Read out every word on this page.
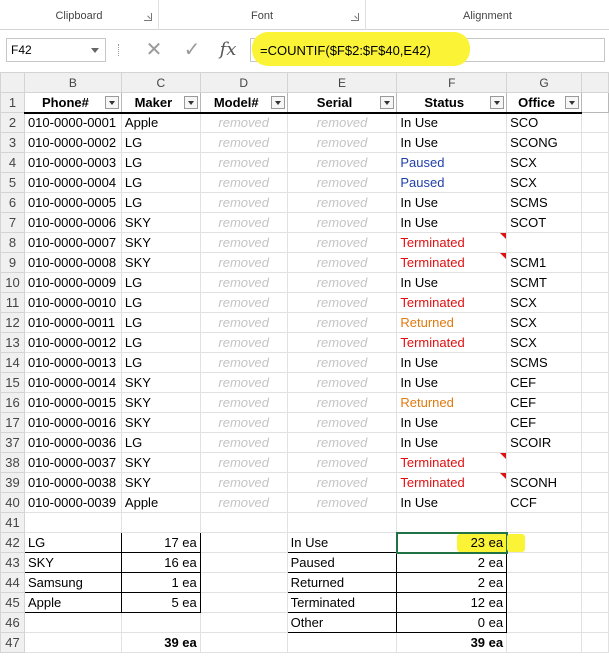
Clipboard	Font	Alignment
F42	✕ ✓	fx	=COUNTIF($F$2:$F$40,E42)
	B	C	D	E	F	G	
1	Phone#	Maker	Model#	Serial	Status	Office

2	010-0000-0001	Apple	removed	removed	In Use	SCO	
3	010-0000-0002	LG	removed	removed	In Use	SCONG	
4	010-0000-0003	LG	removed	removed	Paused	SCX	
5	010-0000-0004	LG	removed	removed	Paused	SCX	
6	010-0000-0005	LG	removed	removed	In Use	SCMS	
7	010-0000-0006	SKY	removed	removed	In Use	SCOT	
8	010-0000-0007	SKY	removed	removed	Terminated		
9	010-0000-0008	SKY	removed	removed	Terminated	SCM1	
10	010-0000-0009	LG	removed	removed	In Use	SCMT	
11	010-0000-0010	LG	removed	removed	Terminated	SCX	
12	010-0000-0011	LG	removed	removed	Returned	SCX	
13	010-0000-0012	LG	removed	removed	Terminated	SCX	
14	010-0000-0013	LG	removed	removed	In Use	SCMS	
15	010-0000-0014	SKY	removed	removed	In Use	CEF	
16	010-0000-0015	SKY	removed	removed	Returned	CEF	
17	010-0000-0016	SKY	removed	removed	In Use	CEF	
37	010-0000-0036	LG	removed	removed	In Use	SCOIR	
38	010-0000-0037	SKY	removed	removed	Terminated		
39	010-0000-0038	SKY	removed	removed	Terminated	SCONH	
40	010-0000-0039	Apple	removed	removed	In Use	CCF	
41							
42	LG	17 ea		In Use	23 ea	

43	SKY	16 ea		Paused	2 ea		
44	Samsung	1 ea		Returned	2 ea		
45	Apple	5 ea		Terminated	12 ea		
46				Other	0 ea		
47		39 ea			39 ea		
